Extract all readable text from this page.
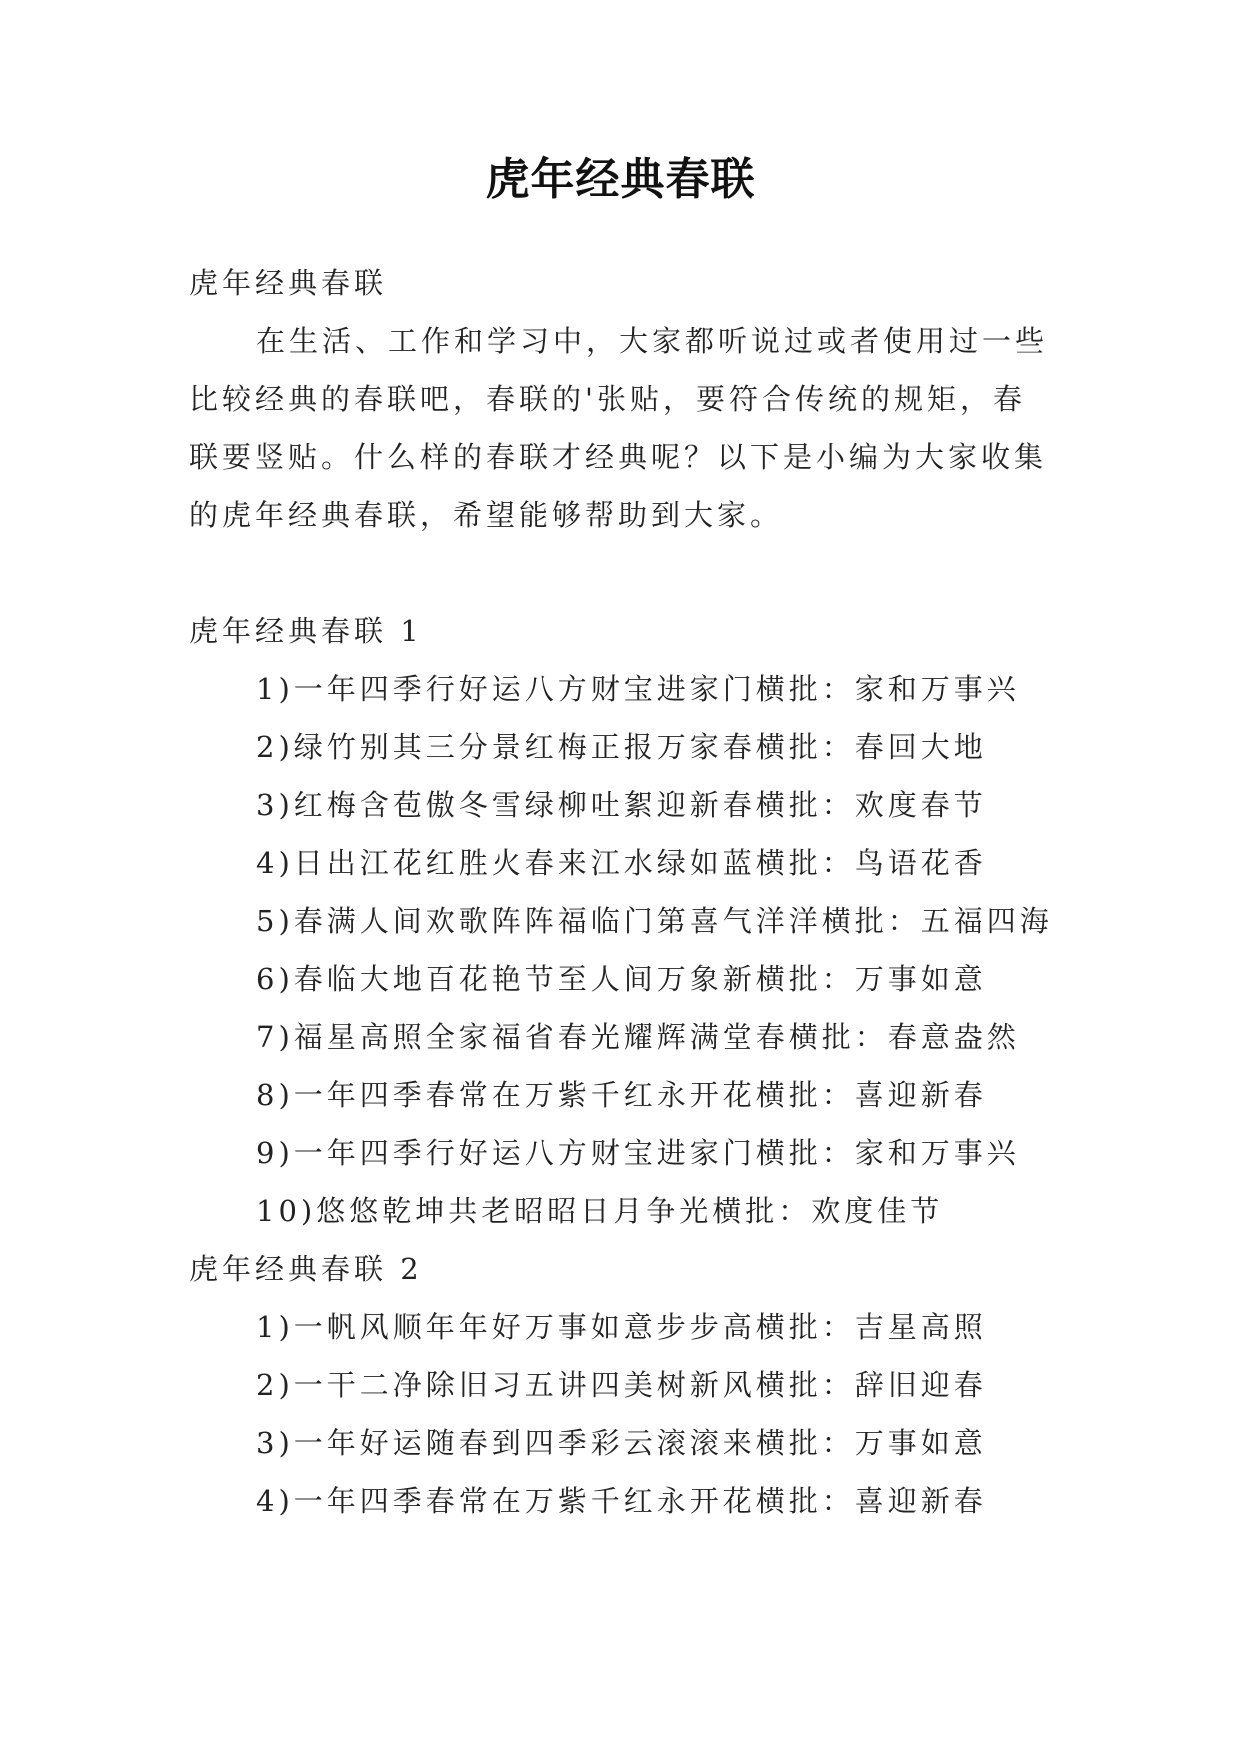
虎年经典春联
虎年经典春联
在生活、工作和学习中，大家都听说过或者使用过一些
比较经典的春联吧，春联的'张贴，要符合传统的规矩，春
联要竖贴。什么样的春联才经典呢？以下是小编为大家收集
的虎年经典春联，希望能够帮助到大家。
虎年经典春联 1
1)一年四季行好运八方财宝进家门横批：家和万事兴
2)绿竹别其三分景红梅正报万家春横批：春回大地
3)红梅含苞傲冬雪绿柳吐絮迎新春横批：欢度春节
4)日出江花红胜火春来江水绿如蓝横批：鸟语花香
5)春满人间欢歌阵阵福临门第喜气洋洋横批：五福四海
6)春临大地百花艳节至人间万象新横批：万事如意
7)福星高照全家福省春光耀辉满堂春横批：春意盎然
8)一年四季春常在万紫千红永开花横批：喜迎新春
9)一年四季行好运八方财宝进家门横批：家和万事兴
10)悠悠乾坤共老昭昭日月争光横批：欢度佳节
虎年经典春联 2
1)一帆风顺年年好万事如意步步高横批：吉星高照
2)一干二净除旧习五讲四美树新风横批：辞旧迎春
3)一年好运随春到四季彩云滚滚来横批：万事如意
4)一年四季春常在万紫千红永开花横批：喜迎新春
